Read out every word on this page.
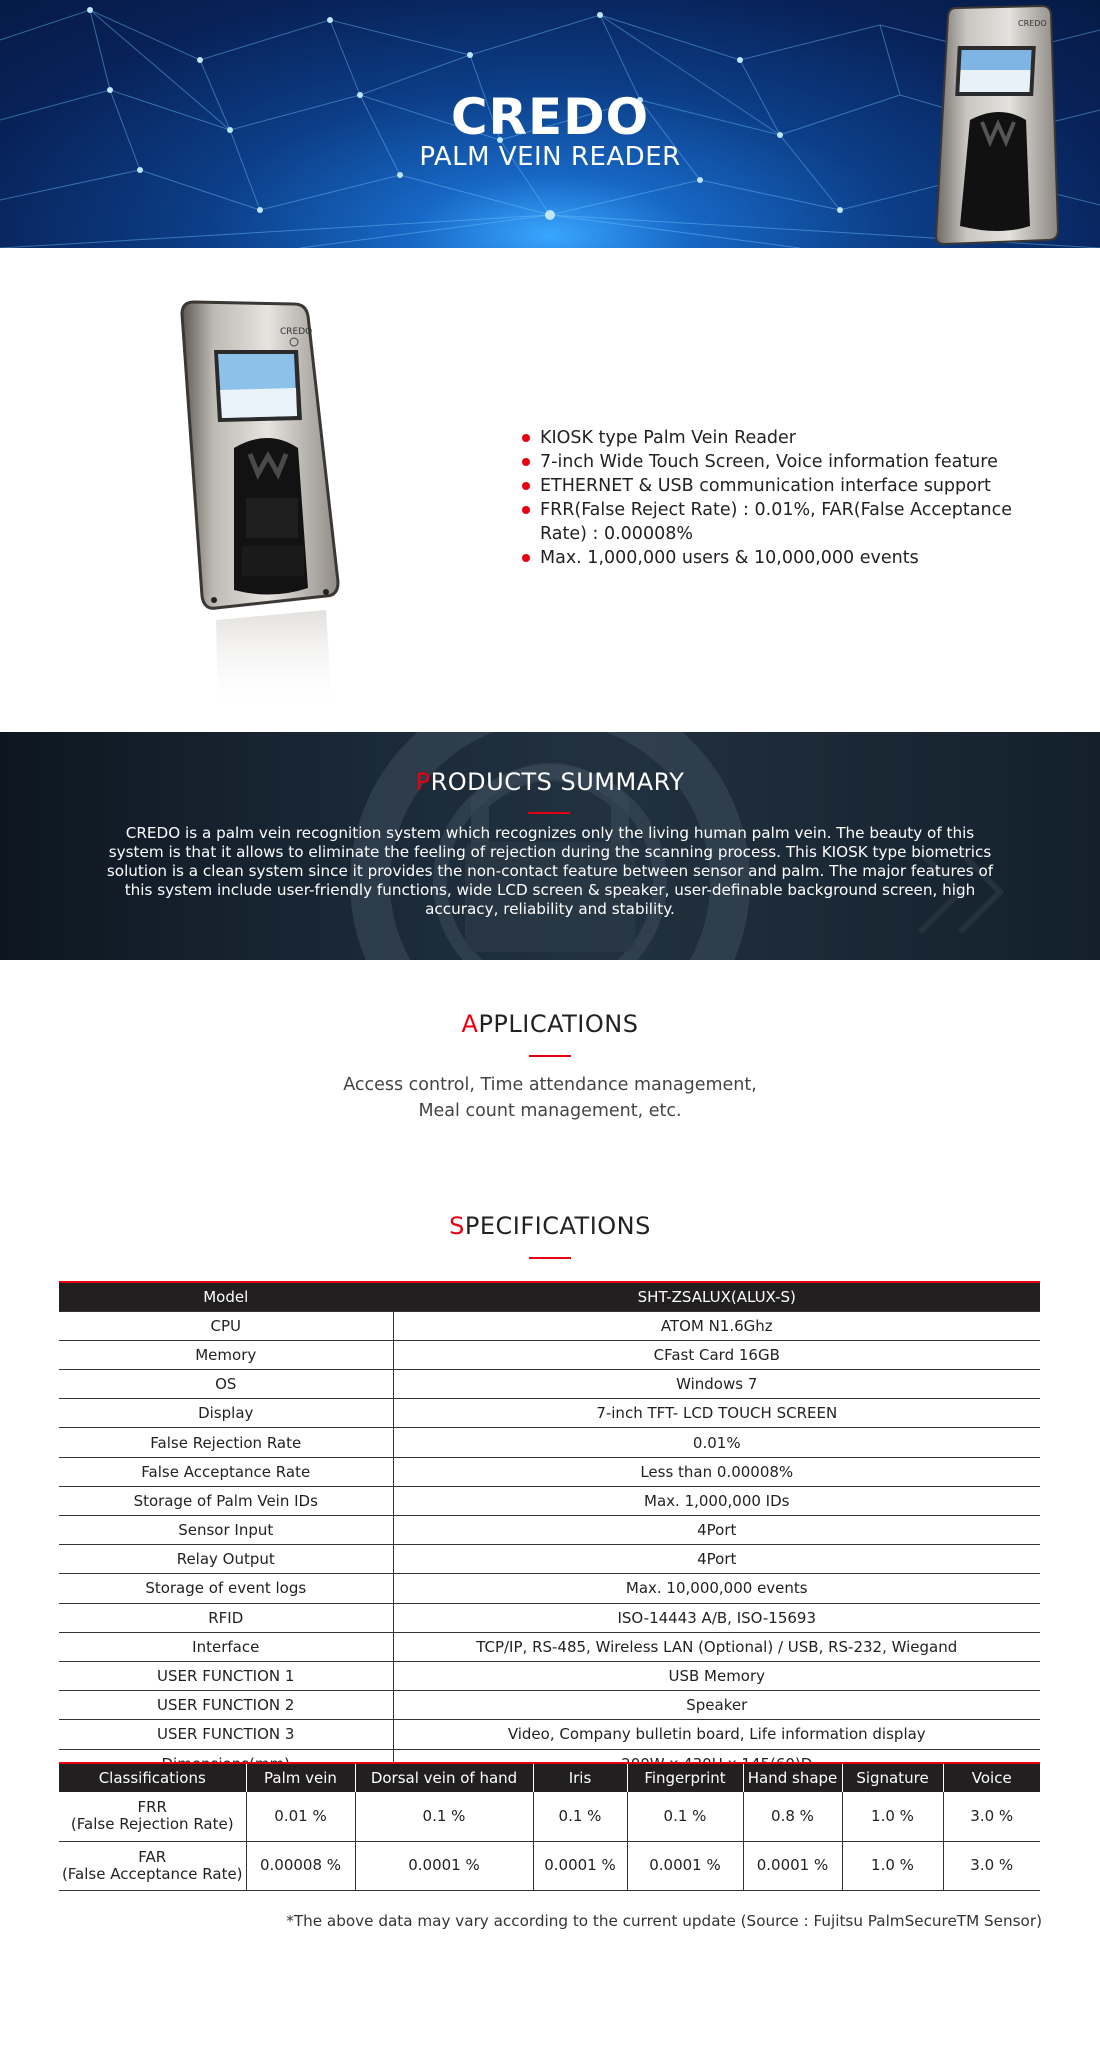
CREDO
PALM VEIN READER
CREDO
CREDO
KIOSK type Palm Vein Reader
7-inch Wide Touch Screen, Voice information feature
ETHERNET & USB communication interface support
FRR(False Reject Rate) : 0.01%, FAR(False Acceptance Rate) : 0.00008%
Max. 1,000,000 users & 10,000,000 events
PRODUCTS SUMMARY

CREDO is a palm vein recognition system which recognizes only the living human palm vein. The beauty of this system is that it allows to eliminate the feeling of rejection during the scanning process. This KIOSK type biometrics solution is a clean system since it provides the non-contact feature between sensor and palm. The major features of this system include user-friendly functions, wide LCD screen & speaker, user-definable background screen, high accuracy, reliability and stability.

APPLICATIONS
Access control, Time attendance management,
Meal count management, etc.
SPECIFICATIONS
Model	SHT-ZSALUX(ALUX-S)
CPU	ATOM N1.6Ghz
Memory	CFast Card 16GB
OS	Windows 7
Display	7-inch TFT- LCD TOUCH SCREEN
False Rejection Rate	0.01%
False Acceptance Rate	Less than 0.00008%
Storage of Palm Vein IDs	Max. 1,000,000 IDs
Sensor Input	4Port
Relay Output	4Port
Storage of event logs	Max. 10,000,000 events
RFID	ISO-14443 A/B, ISO-15693
Interface	TCP/IP, RS-485, Wireless LAN (Optional) / USB, RS-232, Wiegand
USER FUNCTION 1	USB Memory
USER FUNCTION 2	Speaker
USER FUNCTION 3	Video, Company bulletin board, Life information display

Classifications	Palm vein	Dorsal vein of hand	Iris	Fingerprint	Hand shape	Signature	Voice

FRR
(False Rejection Rate)	0.01 %	0.1 %	0.1 %	0.1 %	0.8 %	1.0 %	3.0 %

FAR
(False Acceptance Rate)	0.00008 %	0.0001 %	0.0001 %	0.0001 %	0.0001 %	1.0 %	3.0 %
*The above data may vary according to the current update (Source : Fujitsu PalmSecureTM Sensor)
